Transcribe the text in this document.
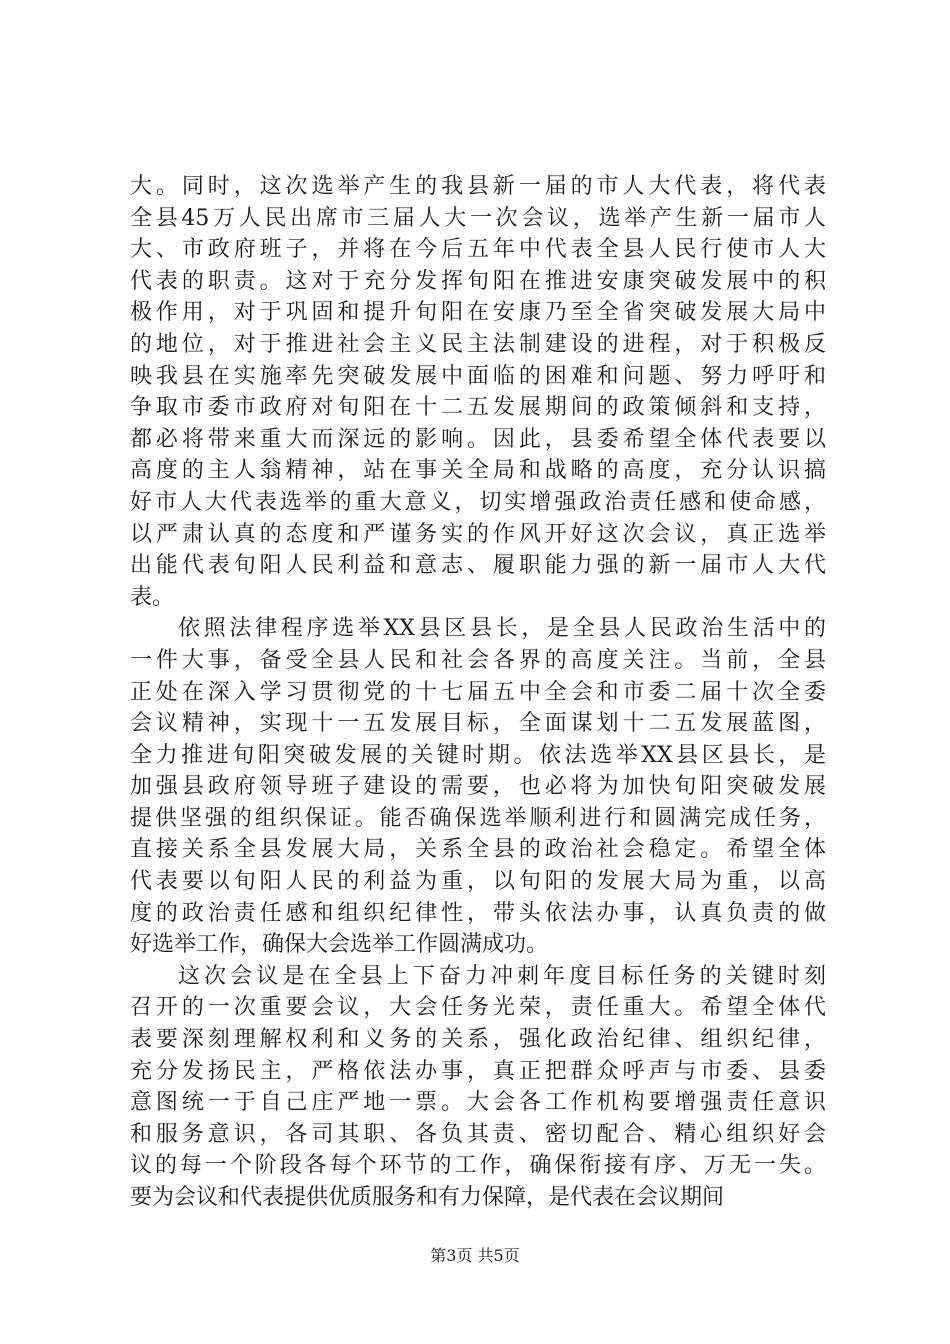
大。同时，这次选举产生的我县新一届的市人大代表，将代表
全县45万人民出席市三届人大一次会议，选举产生新一届市人
大、市政府班子，并将在今后五年中代表全县人民行使市人大
代表的职责。这对于充分发挥旬阳在推进安康突破发展中的积
极作用，对于巩固和提升旬阳在安康乃至全省突破发展大局中
的地位，对于推进社会主义民主法制建设的进程，对于积极反
映我县在实施率先突破发展中面临的困难和问题、努力呼吁和
争取市委市政府对旬阳在十二五发展期间的政策倾斜和支持，
都必将带来重大而深远的影响。因此，县委希望全体代表要以
高度的主人翁精神，站在事关全局和战略的高度，充分认识搞
好市人大代表选举的重大意义，切实增强政治责任感和使命感，
以严肃认真的态度和严谨务实的作风开好这次会议，真正选举
出能代表旬阳人民利益和意志、履职能力强的新一届市人大代
表。
依照法律程序选举XX县区县长，是全县人民政治生活中的
一件大事，备受全县人民和社会各界的高度关注。当前，全县
正处在深入学习贯彻党的十七届五中全会和市委二届十次全委
会议精神，实现十一五发展目标，全面谋划十二五发展蓝图，
全力推进旬阳突破发展的关键时期。依法选举XX县区县长，是
加强县政府领导班子建设的需要，也必将为加快旬阳突破发展
提供坚强的组织保证。能否确保选举顺利进行和圆满完成任务，
直接关系全县发展大局，关系全县的政治社会稳定。希望全体
代表要以旬阳人民的利益为重，以旬阳的发展大局为重，以高
度的政治责任感和组织纪律性，带头依法办事，认真负责的做
好选举工作，确保大会选举工作圆满成功。
这次会议是在全县上下奋力冲刺年度目标任务的关键时刻
召开的一次重要会议，大会任务光荣，责任重大。希望全体代
表要深刻理解权利和义务的关系，强化政治纪律、组织纪律，
充分发扬民主，严格依法办事，真正把群众呼声与市委、县委
意图统一于自己庄严地一票。大会各工作机构要增强责任意识
和服务意识，各司其职、各负其责、密切配合、精心组织好会
议的每一个阶段各每个环节的工作，确保衔接有序、万无一失。
要为会议和代表提供优质服务和有力保障，是代表在会议期间
第3页 共5页
